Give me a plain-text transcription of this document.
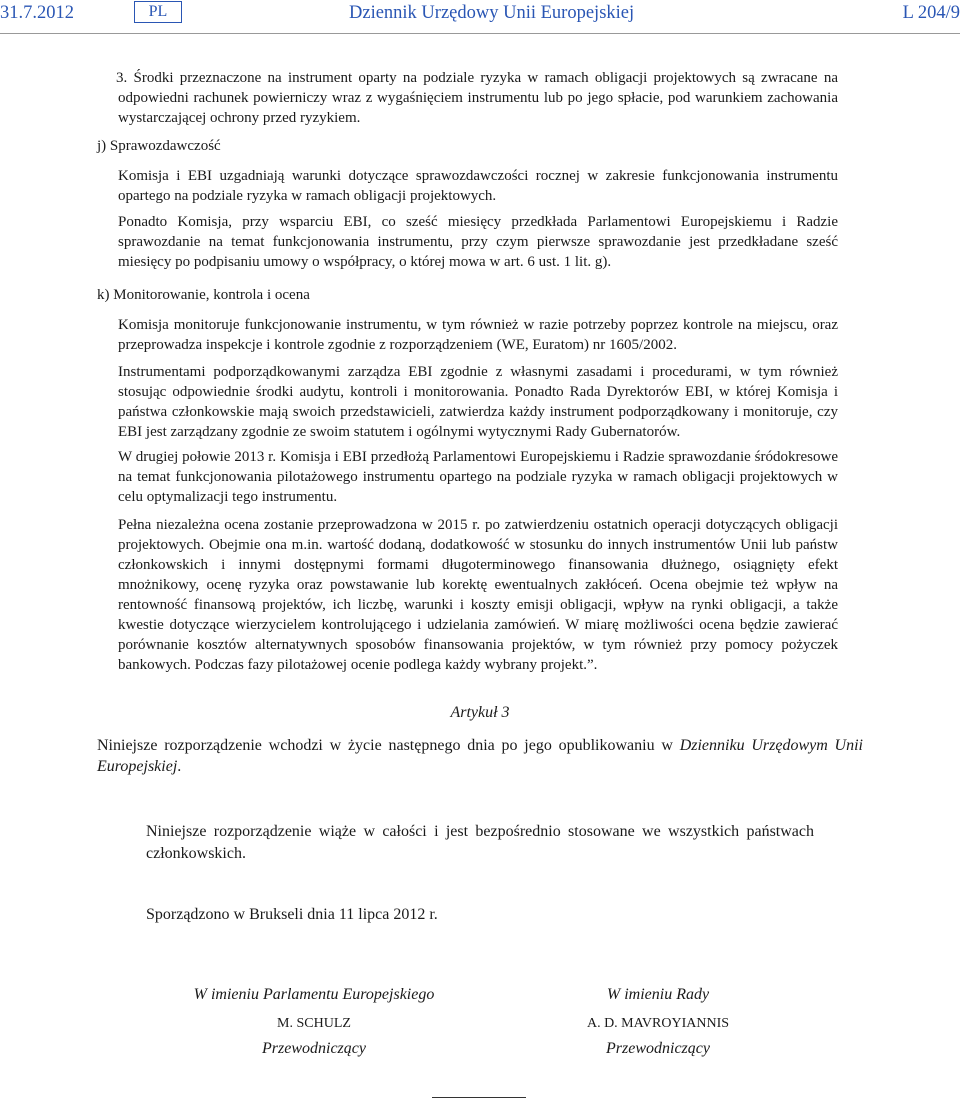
31.7.2012	PL	Dziennik Urzędowy Unii Europejskiej	L 204/9
3. Środki przeznaczone na instrument oparty na podziale ryzyka w ramach obligacji projektowych są zwracane na odpowiedni rachunek powierniczy wraz z wygaśnięciem instrumentu lub po jego spłacie, pod warunkiem zachowania wystarczającej ochrony przed ryzykiem.
j) Sprawozdawczość
Komisja i EBI uzgadniają warunki dotyczące sprawozdawczości rocznej w zakresie funkcjonowania instrumentu opartego na podziale ryzyka w ramach obligacji projektowych.
Ponadto Komisja, przy wsparciu EBI, co sześć miesięcy przedkłada Parlamentowi Europejskiemu i Radzie sprawozdanie na temat funkcjonowania instrumentu, przy czym pierwsze sprawozdanie jest przedkładane sześć miesięcy po podpisaniu umowy o współpracy, o której mowa w art. 6 ust. 1 lit. g).
k) Monitorowanie, kontrola i ocena
Komisja monitoruje funkcjonowanie instrumentu, w tym również w razie potrzeby poprzez kontrole na miejscu, oraz przeprowadza inspekcje i kontrole zgodnie z rozporządzeniem (WE, Euratom) nr 1605/2002.
Instrumentami podporządkowanymi zarządza EBI zgodnie z własnymi zasadami i procedurami, w tym również stosując odpowiednie środki audytu, kontroli i monitorowania. Ponadto Rada Dyrektorów EBI, w której Komisja i państwa członkowskie mają swoich przedstawicieli, zatwierdza każdy instrument podporządkowany i monitoruje, czy EBI jest zarządzany zgodnie ze swoim statutem i ogólnymi wytycznymi Rady Gubernatorów.
W drugiej połowie 2013 r. Komisja i EBI przedłożą Parlamentowi Europejskiemu i Radzie sprawozdanie śródokresowe na temat funkcjonowania pilotażowego instrumentu opartego na podziale ryzyka w ramach obligacji projektowych w celu optymalizacji tego instrumentu.
Pełna niezależna ocena zostanie przeprowadzona w 2015 r. po zatwierdzeniu ostatnich operacji dotyczących obligacji projektowych. Obejmie ona m.in. wartość dodaną, dodatkowość w stosunku do innych instrumentów Unii lub państw członkowskich i innymi dostępnymi formami długoterminowego finansowania dłużnego, osiągnięty efekt mnożnikowy, ocenę ryzyka oraz powstawanie lub korektę ewentualnych zakłóceń. Ocena obejmie też wpływ na rentowność finansową projektów, ich liczbę, warunki i koszty emisji obligacji, wpływ na rynki obligacji, a także kwestie dotyczące wierzycielem kontrolującego i udzielania zamówień. W miarę możliwości ocena będzie zawierać porównanie kosztów alternatywnych sposobów finansowania projektów, w tym również przy pomocy pożyczek bankowych. Podczas fazy pilotażowej ocenie podlega każdy wybrany projekt.”.
Artykuł 3
Niniejsze rozporządzenie wchodzi w życie następnego dnia po jego opublikowaniu w Dzienniku Urzędowym Unii Europejskiej.
Niniejsze rozporządzenie wiąże w całości i jest bezpośrednio stosowane we wszystkich państwach członkowskich.
Sporządzono w Brukseli dnia 11 lipca 2012 r.
W imieniu Parlamentu Europejskiego
M. SCHULZ
Przewodniczący
W imieniu Rady
A. D. MAVROYIANNIS
Przewodniczący
